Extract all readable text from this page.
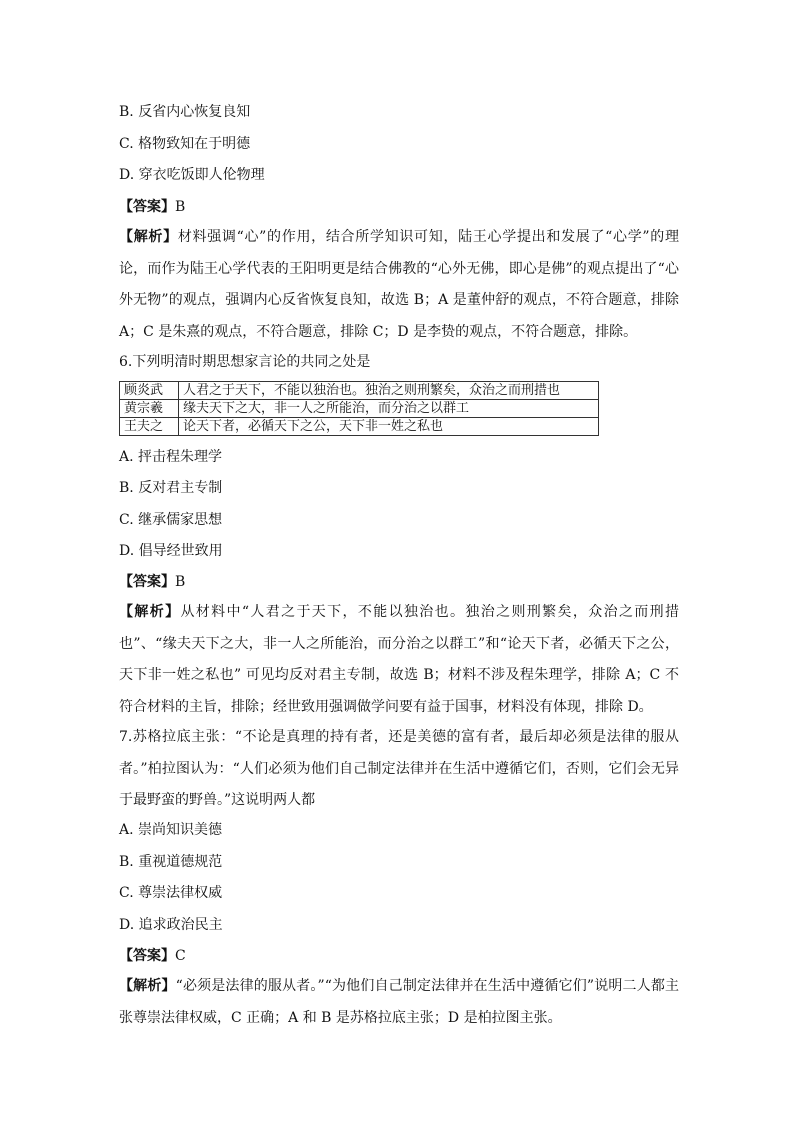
B. 反省内心恢复良知
C. 格物致知在于明德
D. 穿衣吃饭即人伦物理
【答案】B
【解析】材料强调“心”的作用，结合所学知识可知，陆王心学提出和发展了“心学”的理论，而作为陆王心学代表的王阳明更是结合佛教的“心外无佛，即心是佛”的观点提出了“心外无物”的观点，强调内心反省恢复良知，故选 B；A 是董仲舒的观点，不符合题意，排除 A；C 是朱熹的观点，不符合题意，排除 C；D 是李贽的观点，不符合题意，排除。
6.下列明清时期思想家言论的共同之处是
顾炎武	人君之于天下，不能以独治也。独治之则刑繁矣，众治之而刑措也
黄宗羲	缘夫天下之大，非一人之所能治，而分治之以群工
王夫之	论天下者，必循天下之公，天下非一姓之私也
A. 抨击程朱理学
B. 反对君主专制
C. 继承儒家思想
D. 倡导经世致用
【答案】B
【解析】从材料中“人君之于天下，不能以独治也。独治之则刑繁矣，众治之而刑措也”、“缘夫天下之大，非一人之所能治，而分治之以群工”和“论天下者，必循天下之公，天下非一姓之私也” 可见均反对君主专制，故选 B；材料不涉及程朱理学，排除 A；C 不符合材料的主旨，排除；经世致用强调做学问要有益于国事，材料没有体现，排除 D。
7.苏格拉底主张：“不论是真理的持有者，还是美德的富有者，最后却必须是法律的服从者。”柏拉图认为：“人们必须为他们自己制定法律并在生活中遵循它们，否则，它们会无异于最野蛮的野兽。”这说明两人都
A. 崇尚知识美德
B. 重视道德规范
C. 尊崇法律权威
D. 追求政治民主
【答案】C
【解析】“必须是法律的服从者。”“为他们自己制定法律并在生活中遵循它们”说明二人都主张尊崇法律权威，C 正确；A 和 B 是苏格拉底主张；D 是柏拉图主张。
